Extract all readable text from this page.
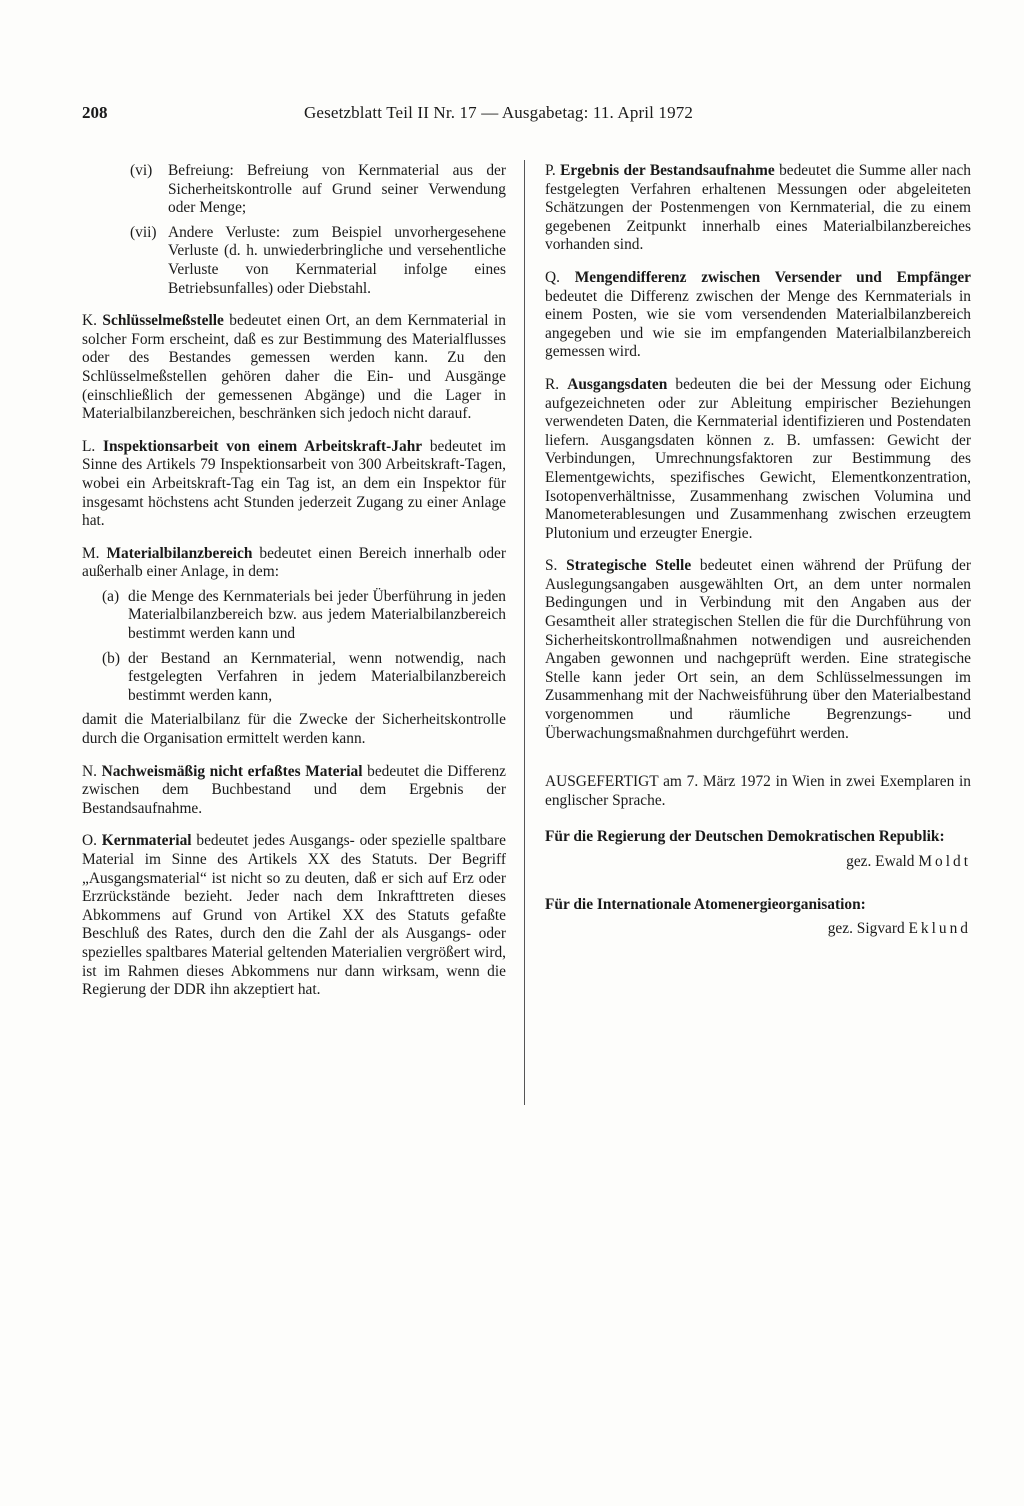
208	Gesetzblatt Teil II Nr. 17 — Ausgabetag: 11. April 1972
(vi) Befreiung: Befreiung von Kernmaterial aus der Sicherheitskontrolle auf Grund seiner Verwendung oder Menge;
(vii) Andere Verluste: zum Beispiel unvorhergesehene Verluste (d. h. unwiederbringliche und versehentliche Verluste von Kernmaterial infolge eines Betriebsunfalles) oder Diebstahl.

K. Schlüsselmeßstelle bedeutet einen Ort, an dem Kernmaterial in solcher Form erscheint, daß es zur Bestimmung des Materialflusses oder des Bestandes gemessen werden kann. Zu den Schlüsselmeßstellen gehören daher die Ein- und Ausgänge (einschließlich der gemessenen Abgänge) und die Lager in Materialbilanzbereichen, beschränken sich jedoch nicht darauf.

L. Inspektionsarbeit von einem Arbeitskraft-Jahr bedeutet im Sinne des Artikels 79 Inspektionsarbeit von 300 Arbeitskraft-Tagen, wobei ein Arbeitskraft-Tag ein Tag ist, an dem ein Inspektor für insgesamt höchstens acht Stunden jederzeit Zugang zu einer Anlage hat.

M. Materialbilanzbereich bedeutet einen Bereich innerhalb oder außerhalb einer Anlage, in dem:

(a) die Menge des Kernmaterials bei jeder Überführung in jeden Materialbilanzbereich bzw. aus jedem Materialbilanzbereich bestimmt werden kann und
(b) der Bestand an Kernmaterial, wenn notwendig, nach festgelegten Verfahren in jedem Materialbilanzbereich bestimmt werden kann,

damit die Materialbilanz für die Zwecke der Sicherheitskontrolle durch die Organisation ermittelt werden kann.

N. Nachweismäßig nicht erfaßtes Material bedeutet die Differenz zwischen dem Buchbestand und dem Ergebnis der Bestandsaufnahme.

O. Kernmaterial bedeutet jedes Ausgangs- oder spezielle spaltbare Material im Sinne des Artikels XX des Statuts. Der Begriff „Ausgangsmaterial“ ist nicht so zu deuten, daß er sich auf Erz oder Erzrückstände bezieht. Jeder nach dem Inkrafttreten dieses Abkommens auf Grund von Artikel XX des Statuts gefaßte Beschluß des Rates, durch den die Zahl der als Ausgangs- oder spezielles spaltbares Material geltenden Materialien vergrößert wird, ist im Rahmen dieses Abkommens nur dann wirksam, wenn die Regierung der DDR ihn akzeptiert hat.

P. Ergebnis der Bestandsaufnahme bedeutet die Summe aller nach festgelegten Verfahren erhaltenen Messungen oder abgeleiteten Schätzungen der Postenmengen von Kernmaterial, die zu einem gegebenen Zeitpunkt innerhalb eines Materialbilanzbereiches vorhanden sind.

Q. Mengendifferenz zwischen Versender und Empfänger bedeutet die Differenz zwischen der Menge des Kernmaterials in einem Posten, wie sie vom versendenden Materialbilanzbereich angegeben und wie sie im empfangenden Materialbilanzbereich gemessen wird.

R. Ausgangsdaten bedeuten die bei der Messung oder Eichung aufgezeichneten oder zur Ableitung empirischer Beziehungen verwendeten Daten, die Kernmaterial identifizieren und Postendaten liefern. Ausgangsdaten können z. B. umfassen: Gewicht der Verbindungen, Umrechnungsfaktoren zur Bestimmung des Elementgewichts, spezifisches Gewicht, Elementkonzentration, Isotopenverhältnisse, Zusammenhang zwischen Volumina und Manometerablesungen und Zusammenhang zwischen erzeugtem Plutonium und erzeugter Energie.

S. Strategische Stelle bedeutet einen während der Prüfung der Auslegungsangaben ausgewählten Ort, an dem unter normalen Bedingungen und in Verbindung mit den Angaben aus der Gesamtheit aller strategischen Stellen die für die Durchführung von Sicherheitskontrollmaßnahmen notwendigen und ausreichenden Angaben gewonnen und nachgeprüft werden. Eine strategische Stelle kann jeder Ort sein, an dem Schlüsselmessungen im Zusammenhang mit der Nachweisführung über den Materialbestand vorgenommen und räumliche Begrenzungs- und Überwachungsmaßnahmen durchgeführt werden.

AUSGEFERTIGT am 7. März 1972 in Wien in zwei Exemplaren in englischer Sprache.

Für die Regierung der Deutschen Demokratischen Republik:
gez. Ewald Moldt
Für die Internationale Atomenergieorganisation:
gez. Sigvard Eklund
